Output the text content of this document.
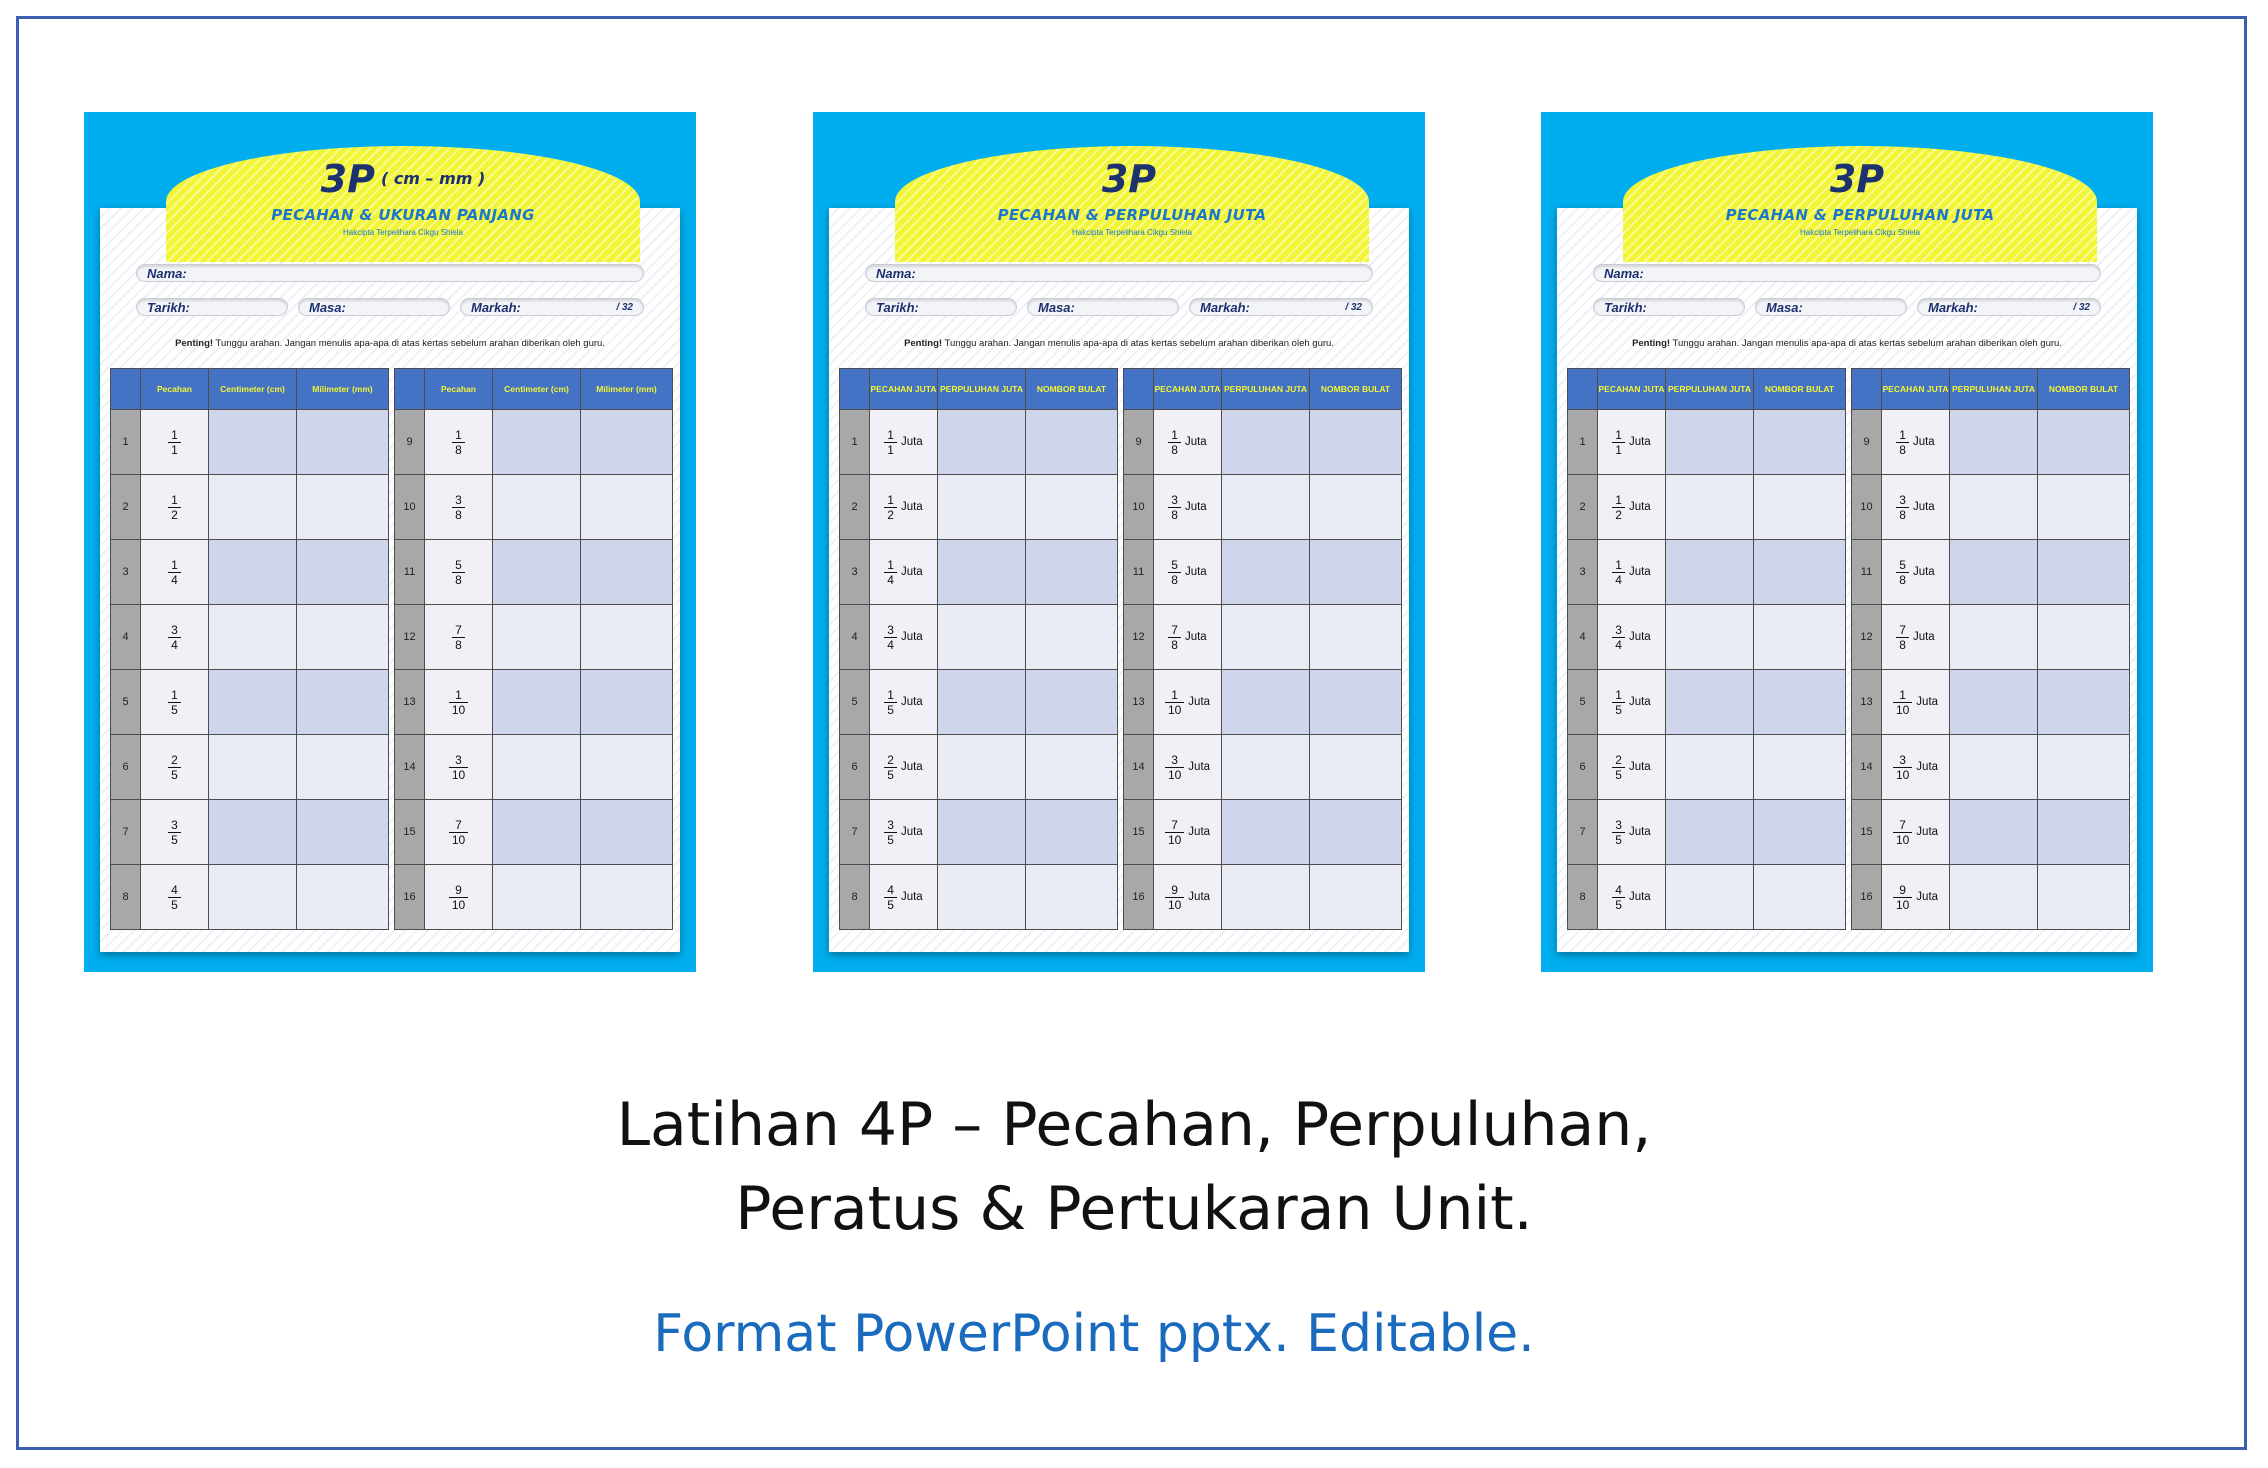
Nama:
Tarikh:	Masa:	Markah:	/ 32
Penting! Tunggu arahan. Jangan menulis apa-apa di atas kertas sebelum arahan diberikan oleh guru.
3P $^{( cm - mm )}$
PECAHAN & UKURAN PANJANG
Hakcipta Terpelihara Cikgu Shiela
	Pecahan	Centimeter (cm)	Milimeter (mm)
1	$\frac{1}{1}$

2	$\frac{1}{2}$

3	$\frac{1}{4}$

4	$\frac{3}{4}$

5	$\frac{1}{5}$

6	$\frac{2}{5}$

7	$\frac{3}{5}$

8	$\frac{4}{5}$

	Pecahan	Centimeter (cm)	Milimeter (mm)
9	$\frac{1}{8}$

10	$\frac{3}{8}$

11	$\frac{5}{8}$

12	$\frac{7}{8}$

13	$\frac{1}{10}$

14	$\frac{3}{10}$

15	$\frac{7}{10}$

16	$\frac{9}{10}$

Nama:
Tarikh:	Masa:	Markah:	/ 32
Penting! Tunggu arahan. Jangan menulis apa-apa di atas kertas sebelum arahan diberikan oleh guru.
3P
PECAHAN & PERPULUHAN JUTA
Hakcipta Terpelihara Cikgu Shiela
	PECAHAN JUTA	PERPULUHAN JUTA	NOMBOR BULAT
1	$\frac{1}{1}$ Juta		
2	$\frac{1}{2}$ Juta		
3	$\frac{1}{4}$ Juta		
4	$\frac{3}{4}$ Juta		
5	$\frac{1}{5}$ Juta		
6	$\frac{2}{5}$ Juta		
7	$\frac{3}{5}$ Juta		
8	$\frac{4}{5}$ Juta		
	PECAHAN JUTA	PERPULUHAN JUTA	NOMBOR BULAT
9	$\frac{1}{8}$ Juta		
10	$\frac{3}{8}$ Juta		
11	$\frac{5}{8}$ Juta		
12	$\frac{7}{8}$ Juta		
13	$\frac{1}{10}$ Juta		
14	$\frac{3}{10}$ Juta		
15	$\frac{7}{10}$ Juta		
16	$\frac{9}{10}$ Juta		
Nama:
Tarikh:	Masa:	Markah:	/ 32
Penting! Tunggu arahan. Jangan menulis apa-apa di atas kertas sebelum arahan diberikan oleh guru.
3P
PECAHAN & PERPULUHAN JUTA
Hakcipta Terpelihara Cikgu Shiela
	PECAHAN JUTA	PERPULUHAN JUTA	NOMBOR BULAT
1	$\frac{1}{1}$ Juta		
2	$\frac{1}{2}$ Juta		
3	$\frac{1}{4}$ Juta		
4	$\frac{3}{4}$ Juta		
5	$\frac{1}{5}$ Juta		
6	$\frac{2}{5}$ Juta		
7	$\frac{3}{5}$ Juta		
8	$\frac{4}{5}$ Juta		
	PECAHAN JUTA	PERPULUHAN JUTA	NOMBOR BULAT
9	$\frac{1}{8}$ Juta		
10	$\frac{3}{8}$ Juta		
11	$\frac{5}{8}$ Juta		
12	$\frac{7}{8}$ Juta		
13	$\frac{1}{10}$ Juta		
14	$\frac{3}{10}$ Juta		
15	$\frac{7}{10}$ Juta		
16	$\frac{9}{10}$ Juta		
Latihan 4P – Pecahan, Perpuluhan,
Peratus & Pertukaran Unit.
Format PowerPoint pptx. Editable.
